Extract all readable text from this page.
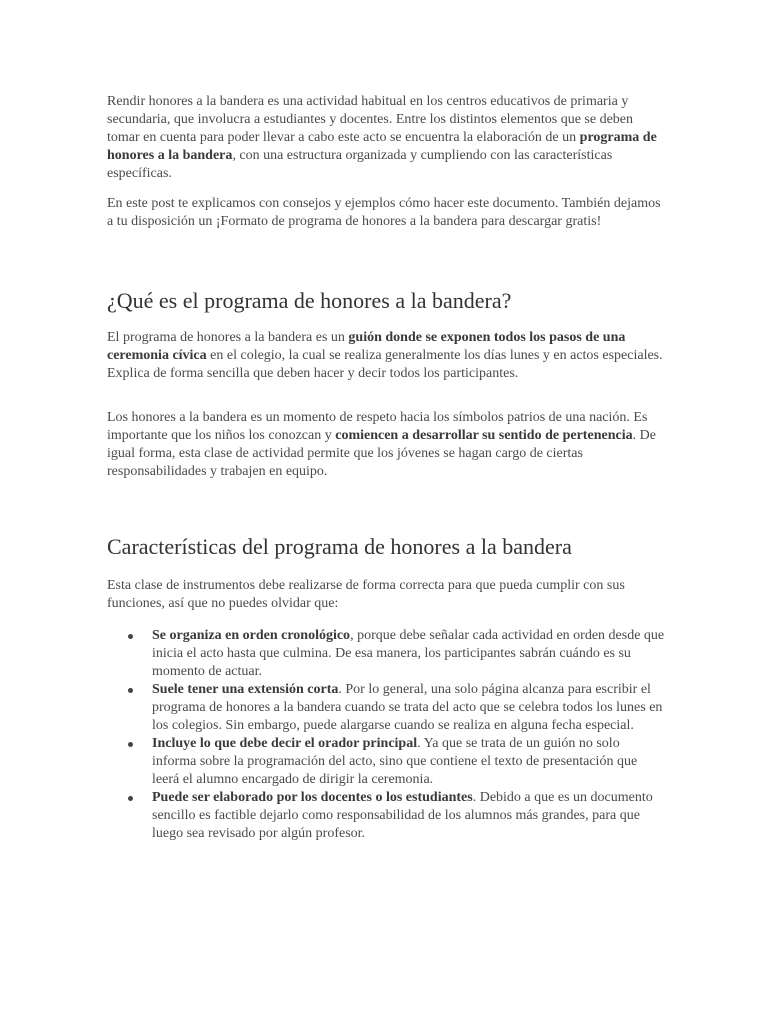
Rendir honores a la bandera es una actividad habitual en los centros educativos de primaria y secundaria, que involucra a estudiantes y docentes. Entre los distintos elementos que se deben tomar en cuenta para poder llevar a cabo este acto se encuentra la elaboración de un programa de honores a la bandera, con una estructura organizada y cumpliendo con las características específicas.

En este post te explicamos con consejos y ejemplos cómo hacer este documento. También dejamos a tu disposición un ¡Formato de programa de honores a la bandera para descargar gratis!

¿Qué es el programa de honores a la bandera?

El programa de honores a la bandera es un guión donde se exponen todos los pasos de una ceremonia cívica en el colegio, la cual se realiza generalmente los días lunes y en actos especiales. Explica de forma sencilla que deben hacer y decir todos los participantes.

Los honores a la bandera es un momento de respeto hacia los símbolos patrios de una nación. Es importante que los niños los conozcan y comiencen a desarrollar su sentido de pertenencia. De igual forma, esta clase de actividad permite que los jóvenes se hagan cargo de ciertas responsabilidades y trabajen en equipo.

Características del programa de honores a la bandera

Esta clase de instrumentos debe realizarse de forma correcta para que pueda cumplir con sus funciones, así que no puedes olvidar que:

Se organiza en orden cronológico, porque debe señalar cada actividad en orden desde que inicia el acto hasta que culmina. De esa manera, los participantes sabrán cuándo es su momento de actuar.
Suele tener una extensión corta. Por lo general, una solo página alcanza para escribir el programa de honores a la bandera cuando se trata del acto que se celebra todos los lunes en los colegios. Sin embargo, puede alargarse cuando se realiza en alguna fecha especial.
Incluye lo que debe decir el orador principal. Ya que se trata de un guión no solo informa sobre la programación del acto, sino que contiene el texto de presentación que leerá el alumno encargado de dirigir la ceremonia.
Puede ser elaborado por los docentes o los estudiantes. Debido a que es un documento sencillo es factible dejarlo como responsabilidad de los alumnos más grandes, para que luego sea revisado por algún profesor.
